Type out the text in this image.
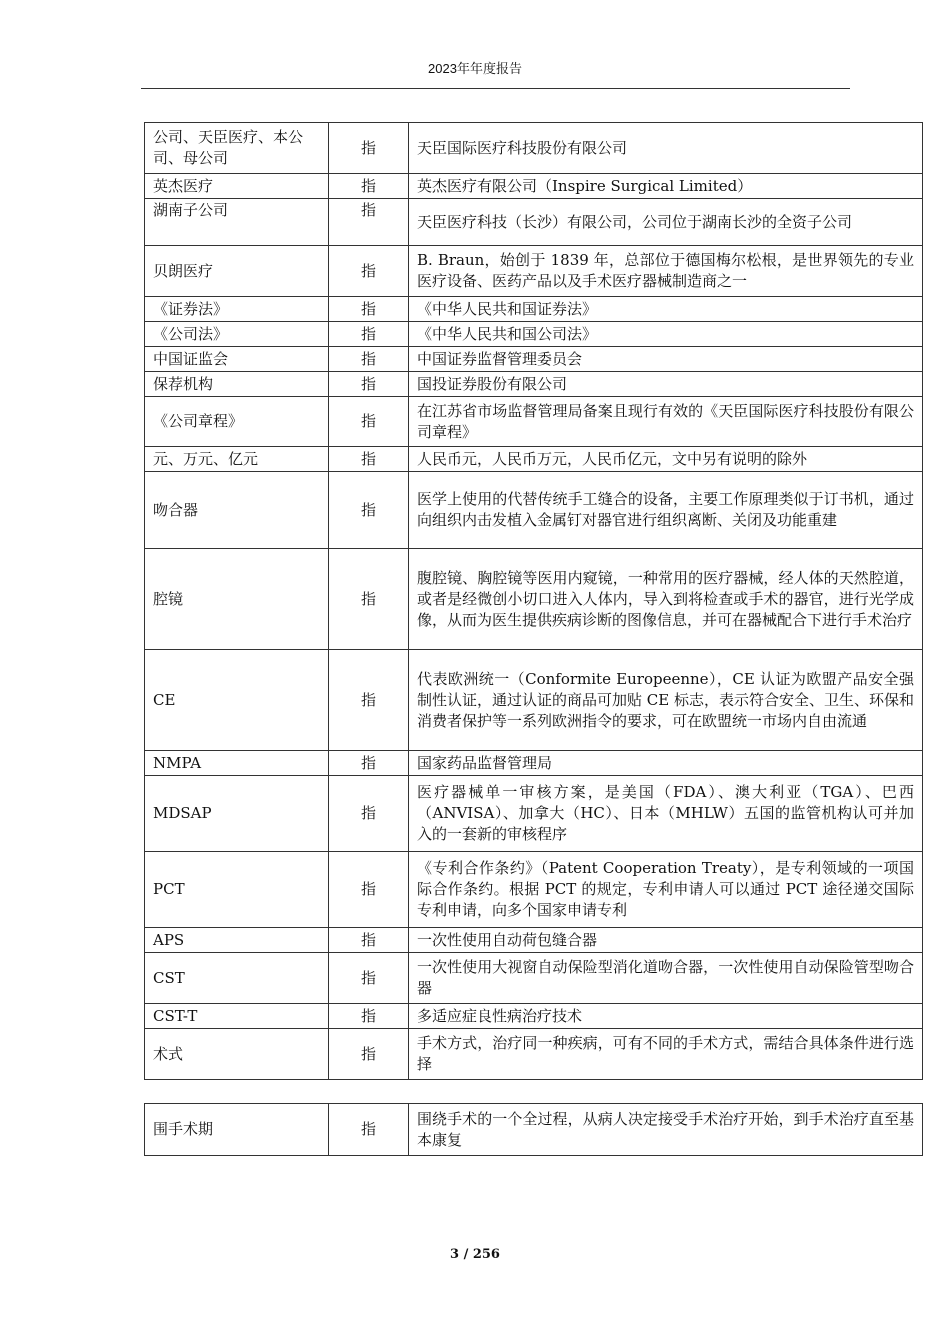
2023年年度报告
公司、天臣医疗、本公司、母公司	指	天臣国际医疗科技股份有限公司
英杰医疗	指	英杰医疗有限公司（Inspire Surgical Limited）
湖南子公司	指	天臣医疗科技（长沙）有限公司，公司位于湖南长沙的全资子公司
贝朗医疗	指	B. Braun，始创于 1839 年，总部位于德国梅尔松根，是世界领先的专业医疗设备、医药产品以及手术医疗器械制造商之一
《证券法》	指	《中华人民共和国证券法》
《公司法》	指	《中华人民共和国公司法》
中国证监会	指	中国证券监督管理委员会
保荐机构	指	国投证券股份有限公司
《公司章程》	指	在江苏省市场监督管理局备案且现行有效的《天臣国际医疗科技股份有限公司章程》
元、万元、亿元	指	人民币元，人民币万元，人民币亿元，文中另有说明的除外
吻合器	指	医学上使用的代替传统手工缝合的设备，主要工作原理类似于订书机，通过向组织内击发植入金属钉对器官进行组织离断、关闭及功能重建
腔镜	指	腹腔镜、胸腔镜等医用内窥镜，一种常用的医疗器械，经人体的天然腔道，或者是经微创小切口进入人体内，导入到将检查或手术的器官，进行光学成像，从而为医生提供疾病诊断的图像信息，并可在器械配合下进行手术治疗
CE	指	代表欧洲统一（Conformite Europeenne），CE 认证为欧盟产品安全强制性认证，通过认证的商品可加贴 CE 标志，表示符合安全、卫生、环保和消费者保护等一系列欧洲指令的要求，可在欧盟统一市场内自由流通
NMPA	指	国家药品监督管理局
MDSAP	指	医疗器械单一审核方案，是美国（FDA）、澳大利亚（TGA）、巴西（ANVISA）、加拿大（HC）、日本（MHLW）五国的监管机构认可并加入的一套新的审核程序
PCT	指	《专利合作条约》（Patent Cooperation Treaty），是专利领域的一项国际合作条约。根据 PCT 的规定，专利申请人可以通过 PCT 途径递交国际专利申请，向多个国家申请专利
APS	指	一次性使用自动荷包缝合器
CST	指	一次性使用大视窗自动保险型消化道吻合器，一次性使用自动保险管型吻合器
CST-T	指	多适应症良性病治疗技术
术式	指	手术方式，治疗同一种疾病，可有不同的手术方式，需结合具体条件进行选择
围手术期	指	围绕手术的一个全过程，从病人决定接受手术治疗开始，到手术治疗直至基本康复
3 / 256
